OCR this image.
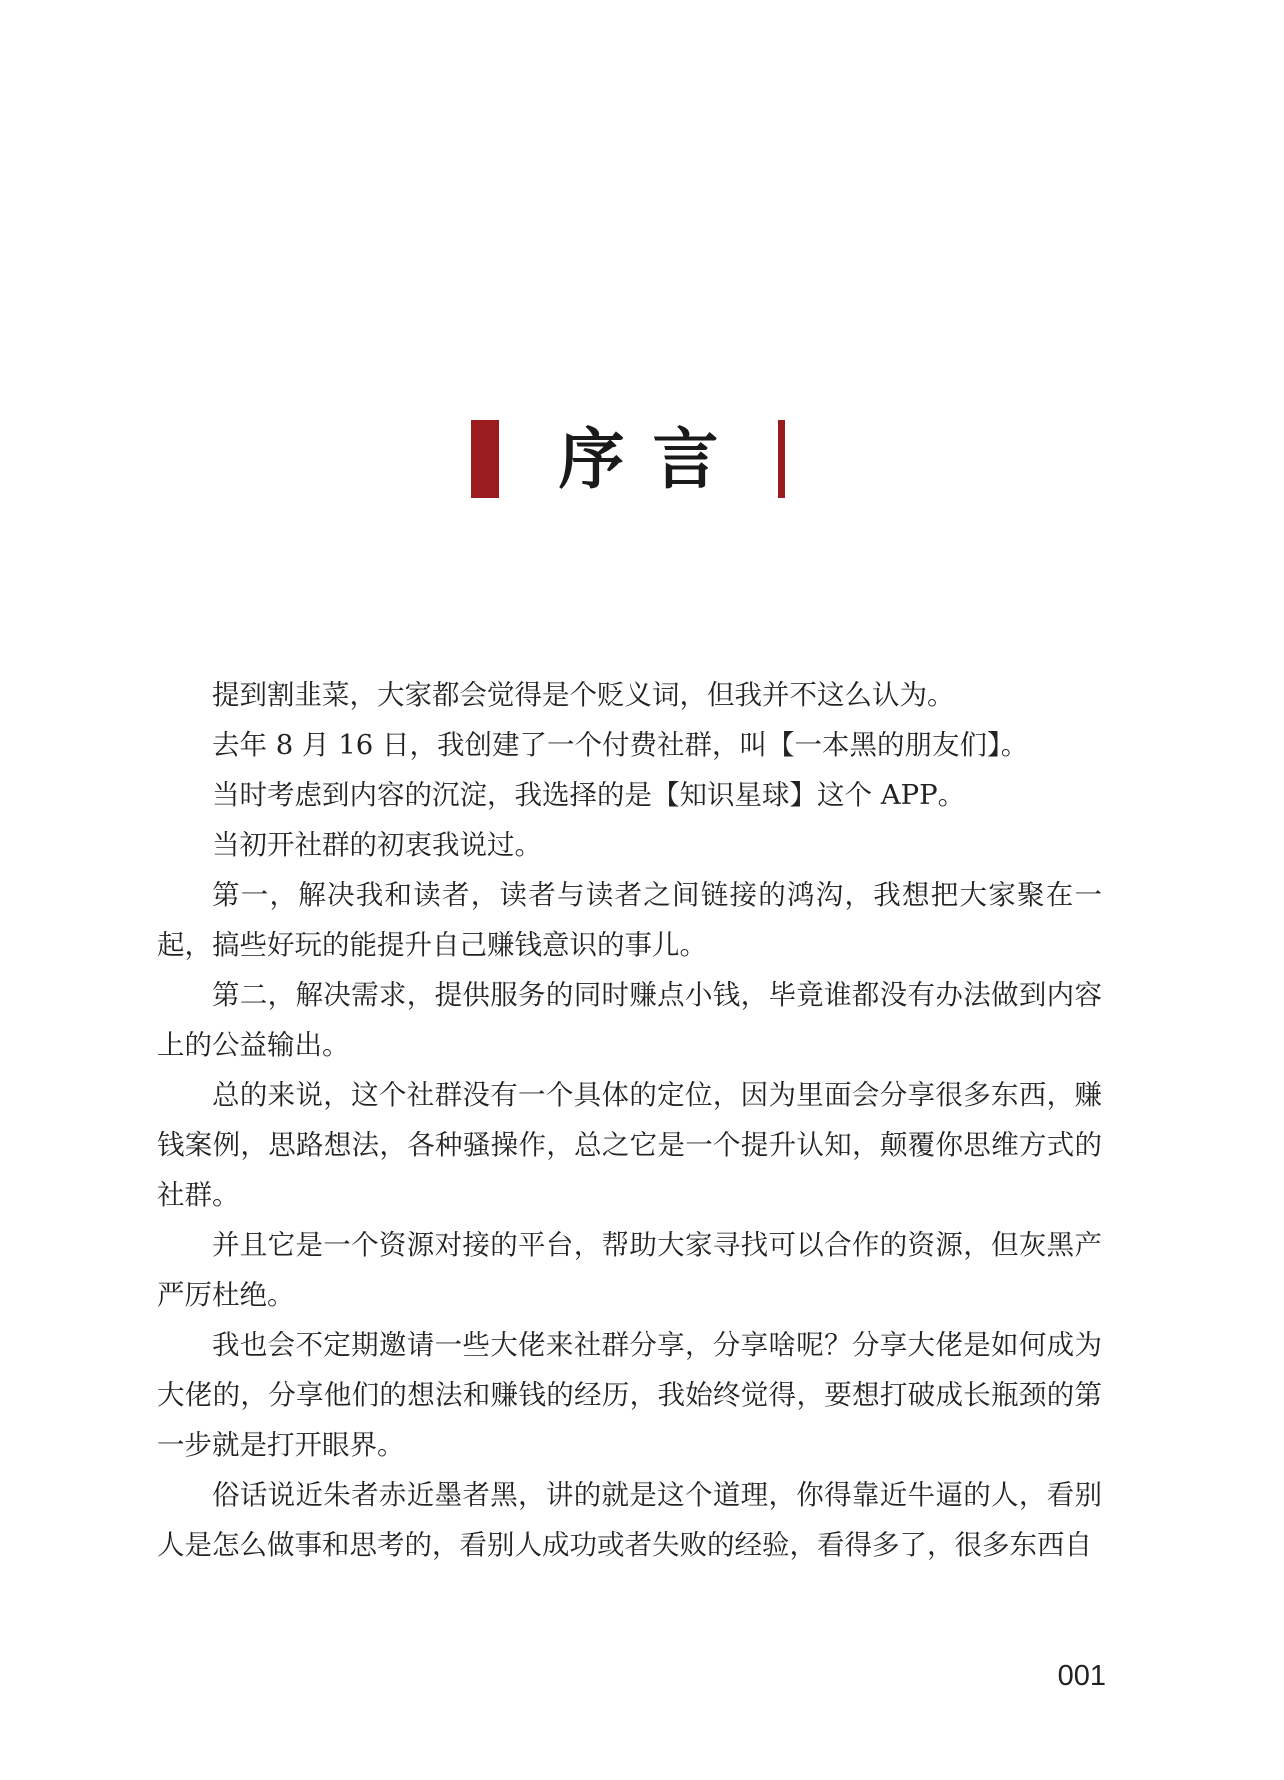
序言

提到割韭菜，大家都会觉得是个贬义词，但我并不这么认为。

去年 8 月 16 日，我创建了一个付费社群，叫【一本黑的朋友们】。

当时考虑到内容的沉淀，我选择的是【知识星球】这个 APP。

当初开社群的初衷我说过。

第一，解决我和读者，读者与读者之间链接的鸿沟，我想把大家聚在一起，搞些好玩的能提升自己赚钱意识的事儿。

第二，解决需求，提供服务的同时赚点小钱，毕竟谁都没有办法做到内容上的公益输出。

总的来说，这个社群没有一个具体的定位，因为里面会分享很多东西，赚钱案例，思路想法，各种骚操作，总之它是一个提升认知，颠覆你思维方式的社群。

并且它是一个资源对接的平台，帮助大家寻找可以合作的资源，但灰黑产严厉杜绝。

我也会不定期邀请一些大佬来社群分享，分享啥呢？分享大佬是如何成为大佬的，分享他们的想法和赚钱的经历，我始终觉得，要想打破成长瓶颈的第一步就是打开眼界。

俗话说近朱者赤近墨者黑，讲的就是这个道理，你得靠近牛逼的人，看别人是怎么做事和思考的，看别人成功或者失败的经验，看得多了，很多东西自

001
